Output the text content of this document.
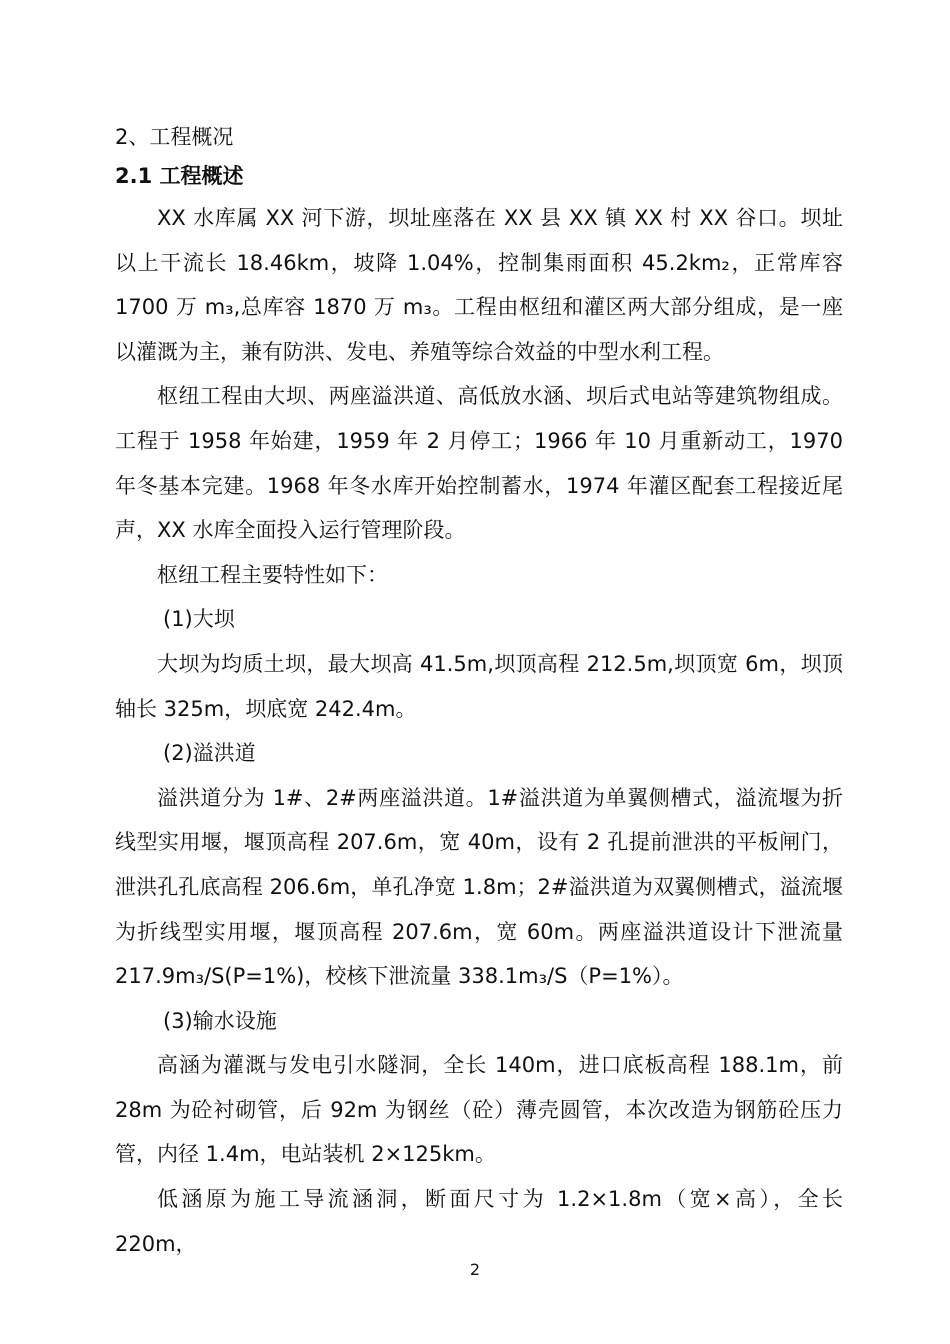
2、工程概况
2.1 工程概述

XX 水库属 XX 河下游，坝址座落在 XX 县 XX 镇 XX 村 XX 谷口。坝址以上干流长 18.46km，坡降 1.04%，控制集雨面积 45.2km₂，正常库容 1700 万 m₃,总库容 1870 万 m₃。工程由枢纽和灌区两大部分组成，是一座以灌溉为主，兼有防洪、发电、养殖等综合效益的中型水利工程。

枢纽工程由大坝、两座溢洪道、高低放水涵、坝后式电站等建筑物组成。工程于 1958 年始建，1959 年 2 月停工；1966 年 10 月重新动工，1970 年冬基本完建。1968 年冬水库开始控制蓄水，1974 年灌区配套工程接近尾声，XX 水库全面投入运行管理阶段。

枢纽工程主要特性如下：

(1)大坝

大坝为均质土坝，最大坝高 41.5m,坝顶高程 212.5m,坝顶宽 6m，坝顶轴长 325m，坝底宽 242.4m。

(2)溢洪道

溢洪道分为 1#、2#两座溢洪道。1#溢洪道为单翼侧槽式，溢流堰为折线型实用堰，堰顶高程 207.6m，宽 40m，设有 2 孔提前泄洪的平板闸门，泄洪孔孔底高程 206.6m，单孔净宽 1.8m；2#溢洪道为双翼侧槽式，溢流堰为折线型实用堰，堰顶高程 207.6m，宽 60m。两座溢洪道设计下泄流量 217.9m₃/S(P=1%)，校核下泄流量 338.1m₃/S（P=1%）。

(3)输水设施

高涵为灌溉与发电引水隧洞，全长 140m，进口底板高程 188.1m，前 28m 为砼衬砌管，后 92m 为钢丝（砼）薄壳圆管，本次改造为钢筋砼压力管，内径 1.4m，电站装机 2×125km。

低涵原为施工导流涵洞，断面尺寸为 1.2×1.8m（宽×高），全长 220m，

2
